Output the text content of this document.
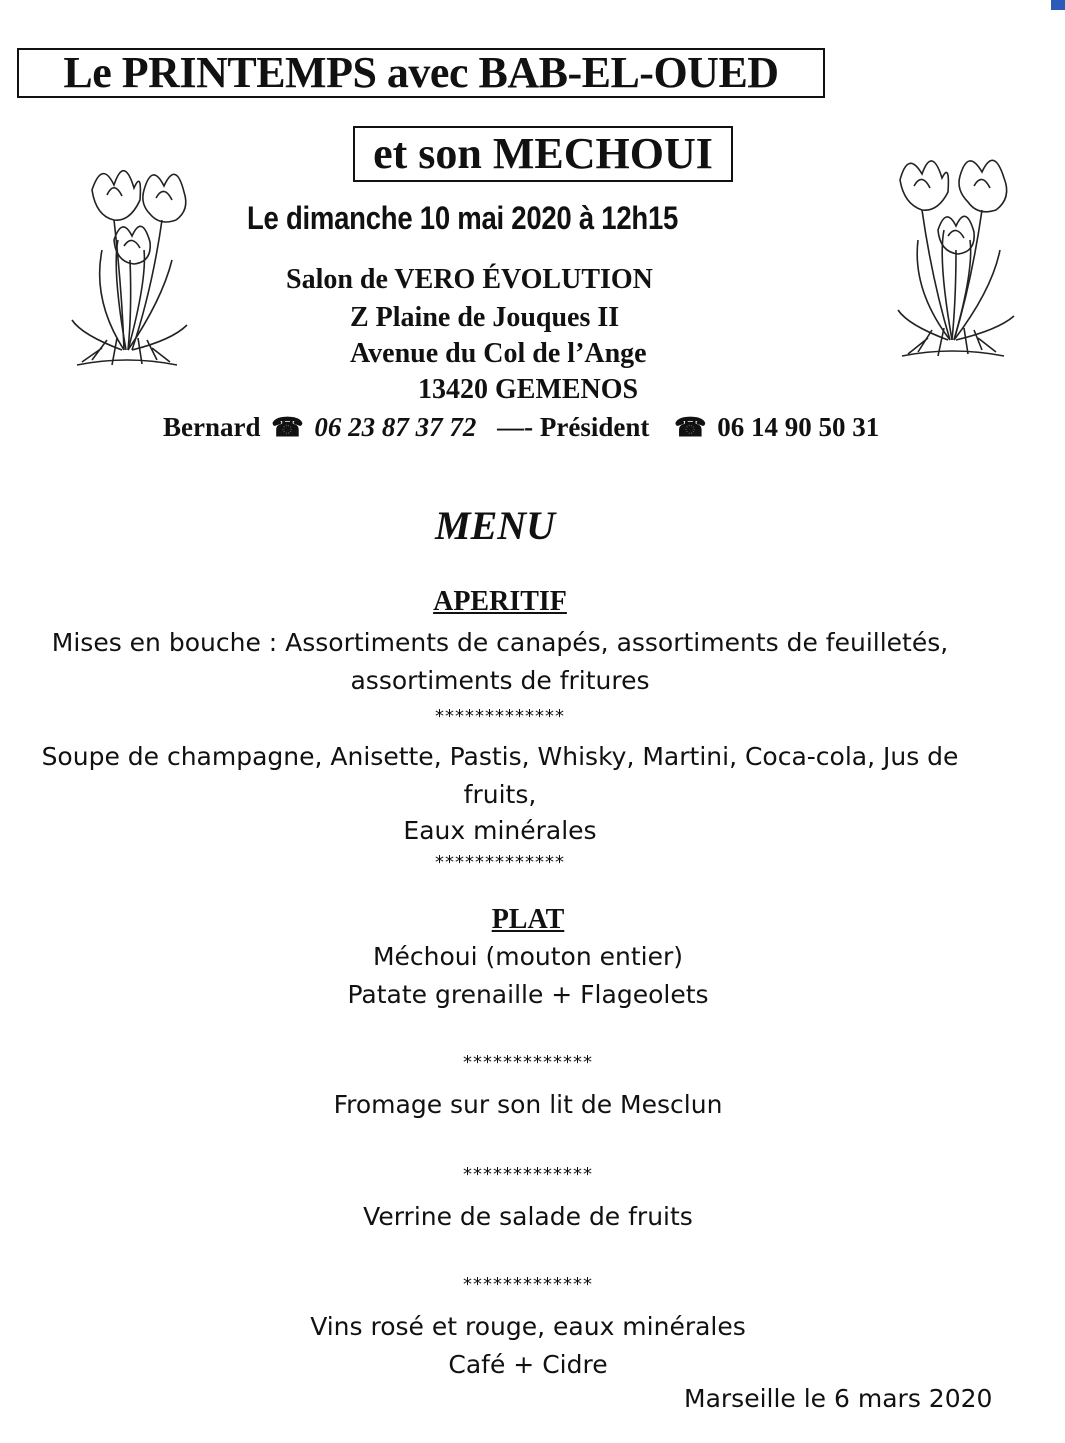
Le PRINTEMPS avec BAB-EL-OUED
et son MECHOUI
Le dimanche 10 mai 2020 à 12h15
Salon de VERO ÉVOLUTION
Z Plaine de Jouques II
Avenue du Col de l’Ange
13420 GEMENOS
Bernard ☎ 06 23 87 37 72 —- Président ☎ 06 14 90 50 31
MENU
APERITIF
Mises en bouche : Assortiments de canapés, assortiments de feuilletés,
assortiments de fritures
*************
Soupe de champagne, Anisette, Pastis, Whisky, Martini, Coca-cola, Jus de
fruits,
Eaux minérales
*************
PLAT
Méchoui (mouton entier)
Patate grenaille + Flageolets
*************
Fromage sur son lit de Mesclun
*************
Verrine de salade de fruits
*************
Vins rosé et rouge, eaux minérales
Café + Cidre
Marseille le 6 mars 2020
